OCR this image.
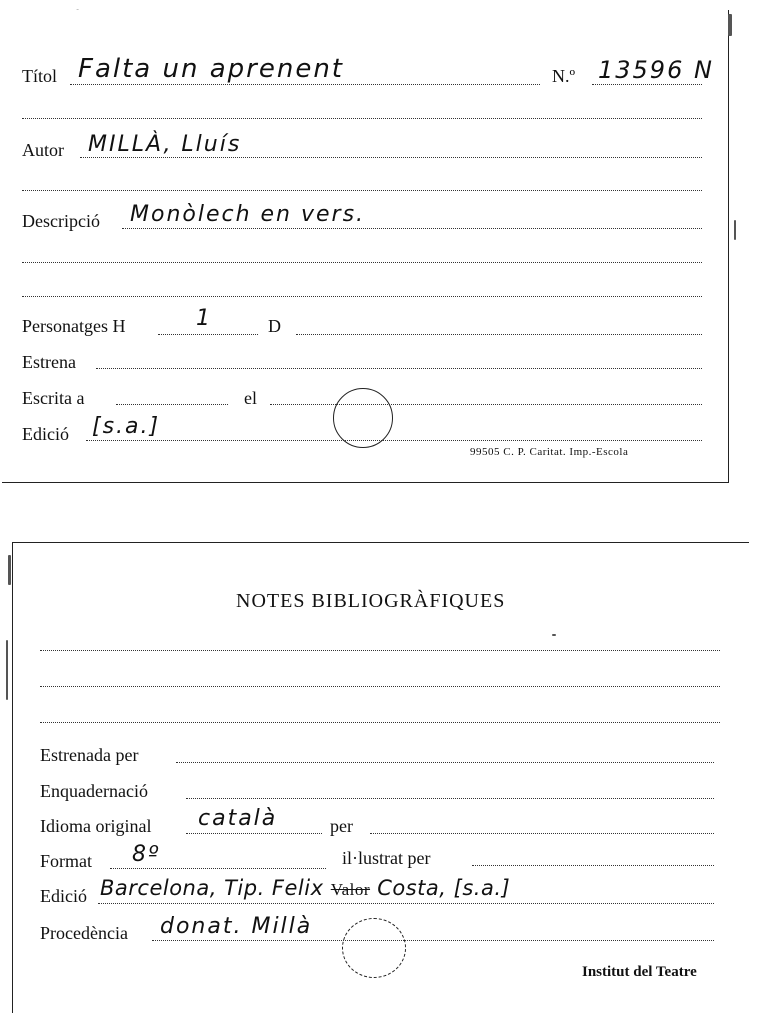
Títol Falta un aprenent	N.º 13596 N
Autor MILLÀ, Lluís
Descripció Monòlech en vers.
Personatges H	1	D
Estrena
Escrita a	el
Edició [s.a.]
99505 C. P. Caritat. Imp.-Escola
NOTES BIBLIOGRÀFIQUES
Estrenada per
Enquadernació
Idioma original català	per
Format 8º	il·lustrat per
Edició Barcelona, Tip. Felix Valor Costa, [s.a.]
Procedència donat. Millà
Institut del Teatre
